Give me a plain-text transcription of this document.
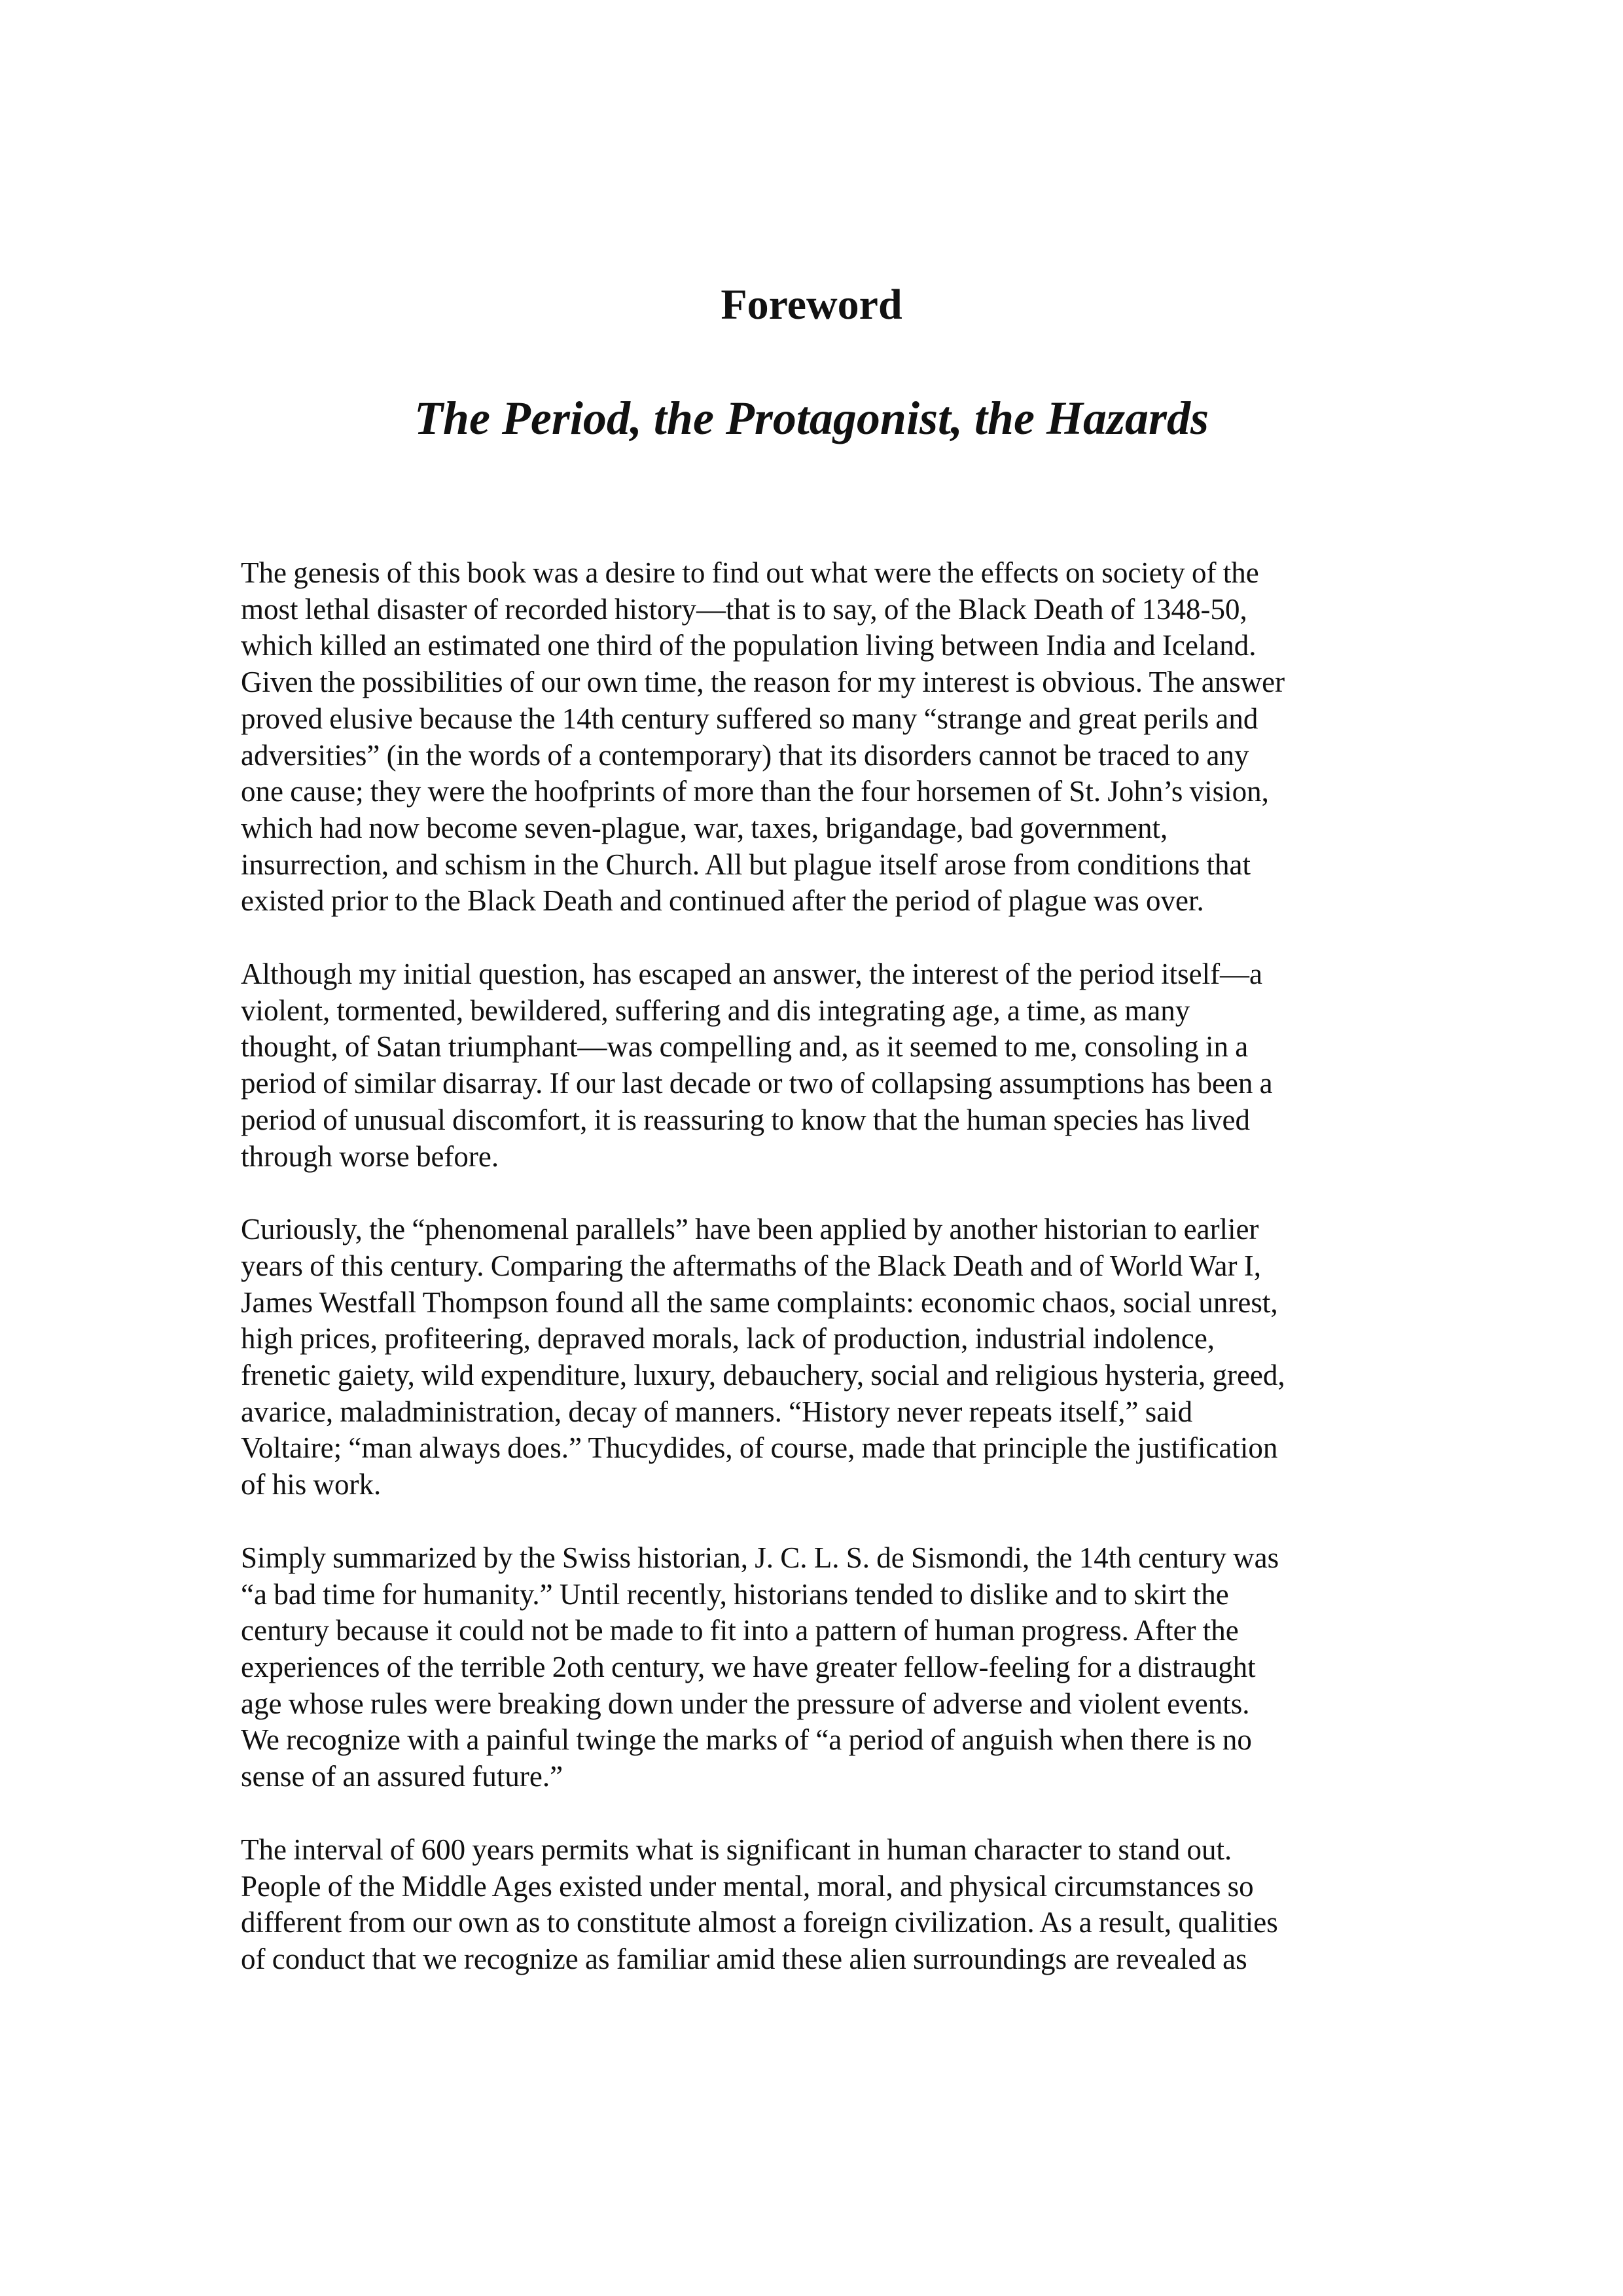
Foreword
The Period, the Protagonist, the Hazards

The genesis of this book was a desire to find out what were the effects on society of the
most lethal disaster of recorded history—that is to say, of the Black Death of 1348-50,
which killed an estimated one third of the population living between India and Iceland.
Given the possibilities of our own time, the reason for my interest is obvious. The answer
proved elusive because the 14th century suffered so many “strange and great perils and
adversities” (in the words of a contemporary) that its disorders cannot be traced to any
one cause; they were the hoofprints of more than the four horsemen of St. John’s vision,
which had now become seven-plague, war, taxes, brigandage, bad government,
insurrection, and schism in the Church. All but plague itself arose from conditions that
existed prior to the Black Death and continued after the period of plague was over.

Although my initial question, has escaped an answer, the interest of the period itself—a
violent, tormented, bewildered, suffering and dis integrating age, a time, as many
thought, of Satan triumphant—was compelling and, as it seemed to me, consoling in a
period of similar disarray. If our last decade or two of collapsing assumptions has been a
period of unusual discomfort, it is reassuring to know that the human species has lived
through worse before.

Curiously, the “phenomenal parallels” have been applied by another historian to earlier
years of this century. Comparing the aftermaths of the Black Death and of World War I,
James Westfall Thompson found all the same complaints: economic chaos, social unrest,
high prices, profiteering, depraved morals, lack of production, industrial indolence,
frenetic gaiety, wild expenditure, luxury, debauchery, social and religious hysteria, greed,
avarice, maladministration, decay of manners. “History never repeats itself,” said
Voltaire; “man always does.” Thucydides, of course, made that principle the justification
of his work.

Simply summarized by the Swiss historian, J. C. L. S. de Sismondi, the 14th century was
“a bad time for humanity.” Until recently, historians tended to dislike and to skirt the
century because it could not be made to fit into a pattern of human progress. After the
experiences of the terrible 2oth century, we have greater fellow-feeling for a distraught
age whose rules were breaking down under the pressure of adverse and violent events.
We recognize with a painful twinge the marks of “a period of anguish when there is no
sense of an assured future.”

The interval of 600 years permits what is significant in human character to stand out.
People of the Middle Ages existed under mental, moral, and physical circumstances so
different from our own as to constitute almost a foreign civilization. As a result, qualities
of conduct that we recognize as familiar amid these alien surroundings are revealed as
